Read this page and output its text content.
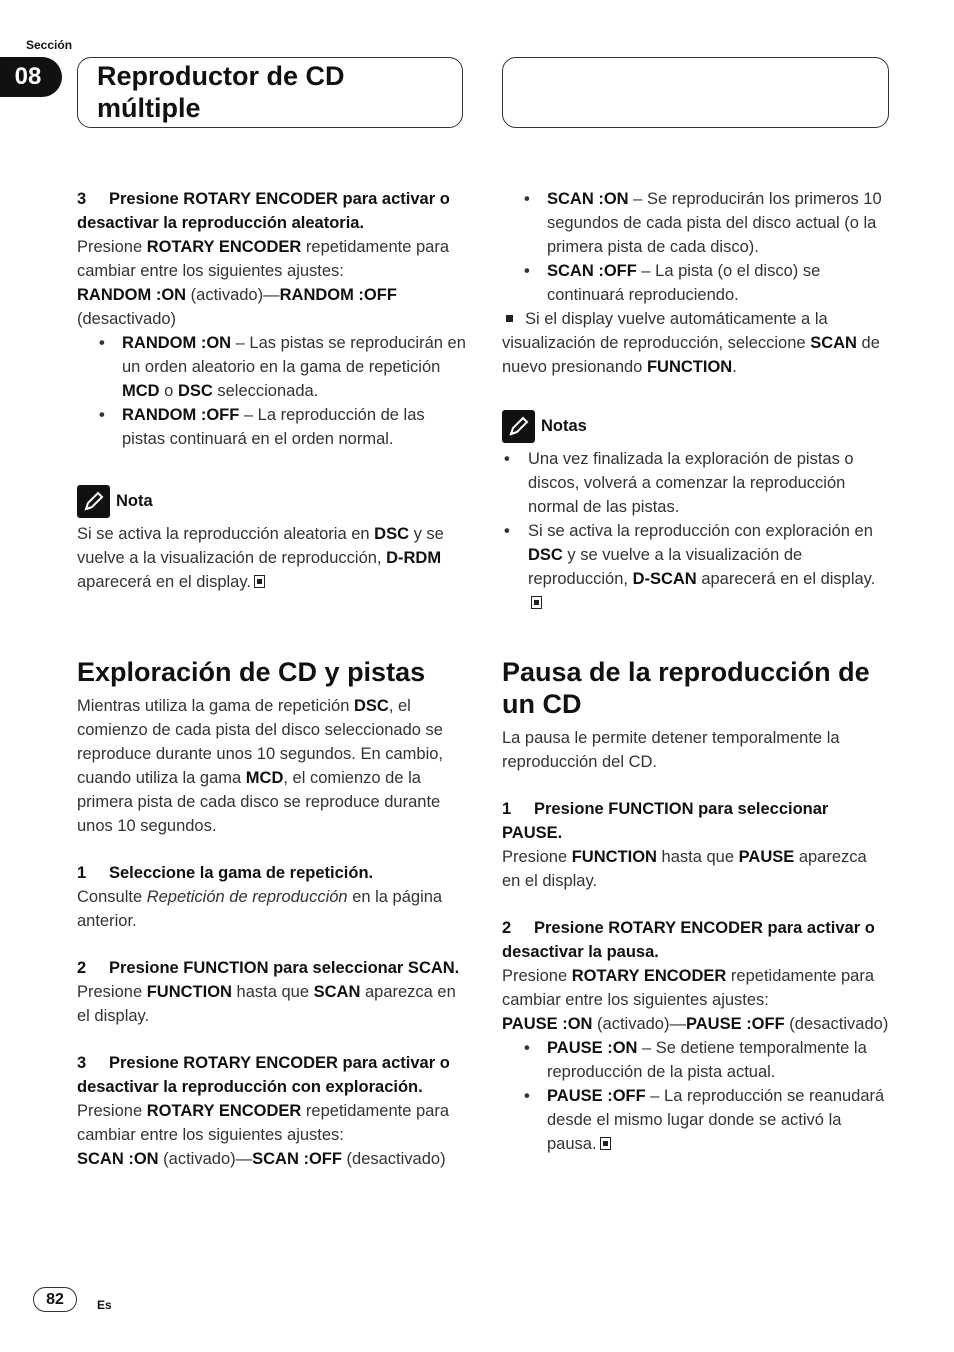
Sección
08	Reproductor de CD múltiple

3 Presione ROTARY ENCODER para activar o desactivar la reproducción aleatoria.

Presione ROTARY ENCODER repetidamente para cambiar entre los siguientes ajustes:

RANDOM :ON (activado)—RANDOM :OFF (desactivado)

• RANDOM :ON – Las pistas se reproducirán en un orden aleatorio en la gama de repetición MCD o DSC seleccionada.
• RANDOM :OFF – La reproducción de las pistas continuará en el orden normal.
Nota

Si se activa la reproducción aleatoria en DSC y se vuelve a la visualización de reproducción, D-RDM aparecerá en el display.

• SCAN :ON – Se reproducirán los primeros 10 segundos de cada pista del disco actual (o la primera pista de cada disco).
• SCAN :OFF – La pista (o el disco) se continuará reproduciendo.

Si el display vuelve automáticamente a la visualización de reproducción, seleccione SCAN de nuevo presionando FUNCTION.

Notas
• Una vez finalizada la exploración de pistas o discos, volverá a comenzar la reproducción normal de las pistas.
• Si se activa la reproducción con exploración en DSC y se vuelve a la visualización de reproducción, D-SCAN aparecerá en el display.
Exploración de CD y pistas

Mientras utiliza la gama de repetición DSC, el comienzo de cada pista del disco seleccionado se reproduce durante unos 10 segundos. En cambio, cuando utiliza la gama MCD, el comienzo de la primera pista de cada disco se reproduce durante unos 10 segundos.

1 Seleccione la gama de repetición.

Consulte Repetición de reproducción en la página anterior.

2 Presione FUNCTION para seleccionar SCAN.

Presione FUNCTION hasta que SCAN aparezca en el display.

3 Presione ROTARY ENCODER para activar o desactivar la reproducción con exploración.

Presione ROTARY ENCODER repetidamente para cambiar entre los siguientes ajustes:

SCAN :ON (activado)—SCAN :OFF (desactivado)

Pausa de la reproducción de un CD

La pausa le permite detener temporalmente la reproducción del CD.

1 Presione FUNCTION para seleccionar PAUSE.

Presione FUNCTION hasta que PAUSE aparezca en el display.

2 Presione ROTARY ENCODER para activar o desactivar la pausa.

Presione ROTARY ENCODER repetidamente para cambiar entre los siguientes ajustes:

PAUSE :ON (activado)—PAUSE :OFF (desactivado)

• PAUSE :ON – Se detiene temporalmente la reproducción de la pista actual.
• PAUSE :OFF – La reproducción se reanudará desde el mismo lugar donde se activó la pausa.
82	Es
